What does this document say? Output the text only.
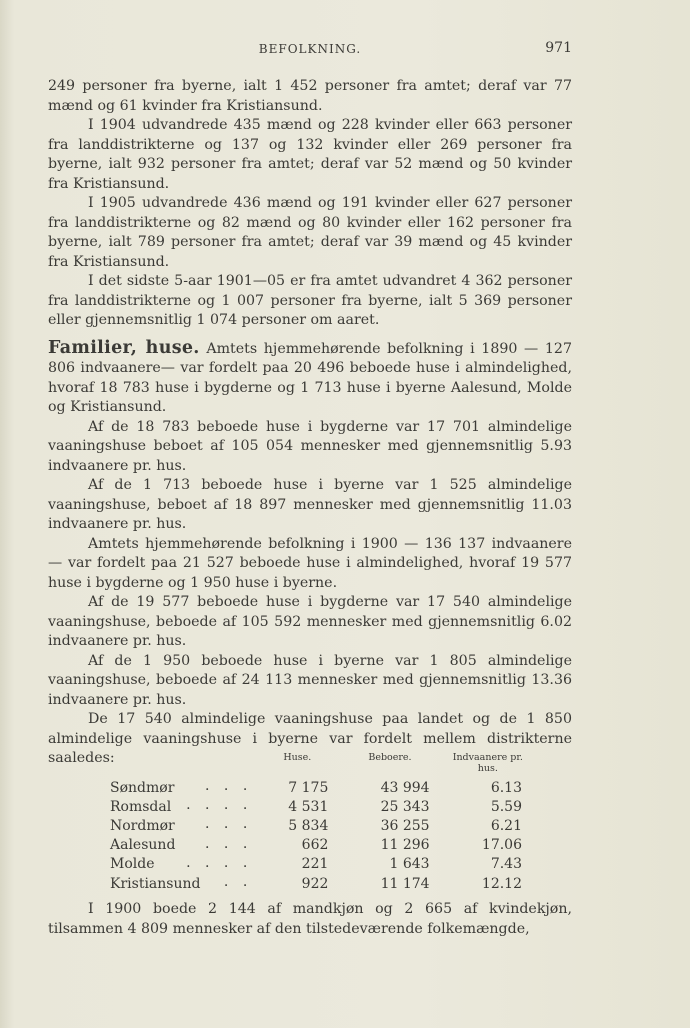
BEFOLKNING.	971

249 personer fra byerne, ialt 1 452 personer fra amtet; deraf var 77 mænd og 61 kvinder fra Kristiansund.

I 1904 udvandrede 435 mænd og 228 kvinder eller 663 personer fra landdistrikterne og 137 og 132 kvinder eller 269 personer fra byerne, ialt 932 personer fra amtet; deraf var 52 mænd og 50 kvinder fra Kristiansund.

I 1905 udvandrede 436 mænd og 191 kvinder eller 627 personer fra landdistrikterne og 82 mænd og 80 kvinder eller 162 personer fra byerne, ialt 789 personer fra amtet; deraf var 39 mænd og 45 kvinder fra Kristiansund.

I det sidste 5-aar 1901—05 er fra amtet udvandret 4 362 personer fra landdistrikterne og 1 007 personer fra byerne, ialt 5 369 personer eller gjennemsnitlig 1 074 personer om aaret.

Familier, huse. Amtets hjemmehørende befolkning i 1890 — 127 806 indvaanere— var fordelt paa 20 496 beboede huse i almindelighed, hvoraf 18 783 huse i bygderne og 1 713 huse i byerne Aalesund, Molde og Kristiansund.

Af de 18 783 beboede huse i bygderne var 17 701 almindelige vaaningshuse beboet af 105 054 mennesker med gjennemsnitlig 5.93 indvaanere pr. hus.

Af de 1 713 beboede huse i byerne var 1 525 almindelige vaaningshuse, beboet af 18 897 mennesker med gjennemsnitlig 11.03 indvaanere pr. hus.

Amtets hjemmehørende befolkning i 1900 — 136 137 indvaanere — var fordelt paa 21 527 beboede huse i almindelighed, hvoraf 19 577 huse i bygderne og 1 950 huse i byerne.

Af de 19 577 beboede huse i bygderne var 17 540 almindelige vaaningshuse, beboede af 105 592 mennesker med gjennemsnitlig 6.02 indvaanere pr. hus.

Af de 1 950 beboede huse i byerne var 1 805 almindelige vaaningshuse, beboede af 24 113 mennesker med gjennemsnitlig 13.36 indvaanere pr. hus.

De 17 540 almindelige vaaningshuse paa landet og de 1 850 almindelige vaaningshuse i byerne var fordelt mellem distrikterne saaledes:

		Huse.	Beboere.	Indvaanere pr. hus.
Søndmør . . .	7 175	43 994	6.13
Romsdal . . . .	4 531	25 343	5.59
Nordmør . . .	5 834	36 255	6.21
Aalesund . . .	662	11 296	17.06
Molde . . . .	221	1 643	7.43
Kristiansund . .	922	11 174	12.12

I 1900 boede 2 144 af mandkjøn og 2 665 af kvindekjøn, tilsammen 4 809 mennesker af den tilstedeværende folkemængde,
